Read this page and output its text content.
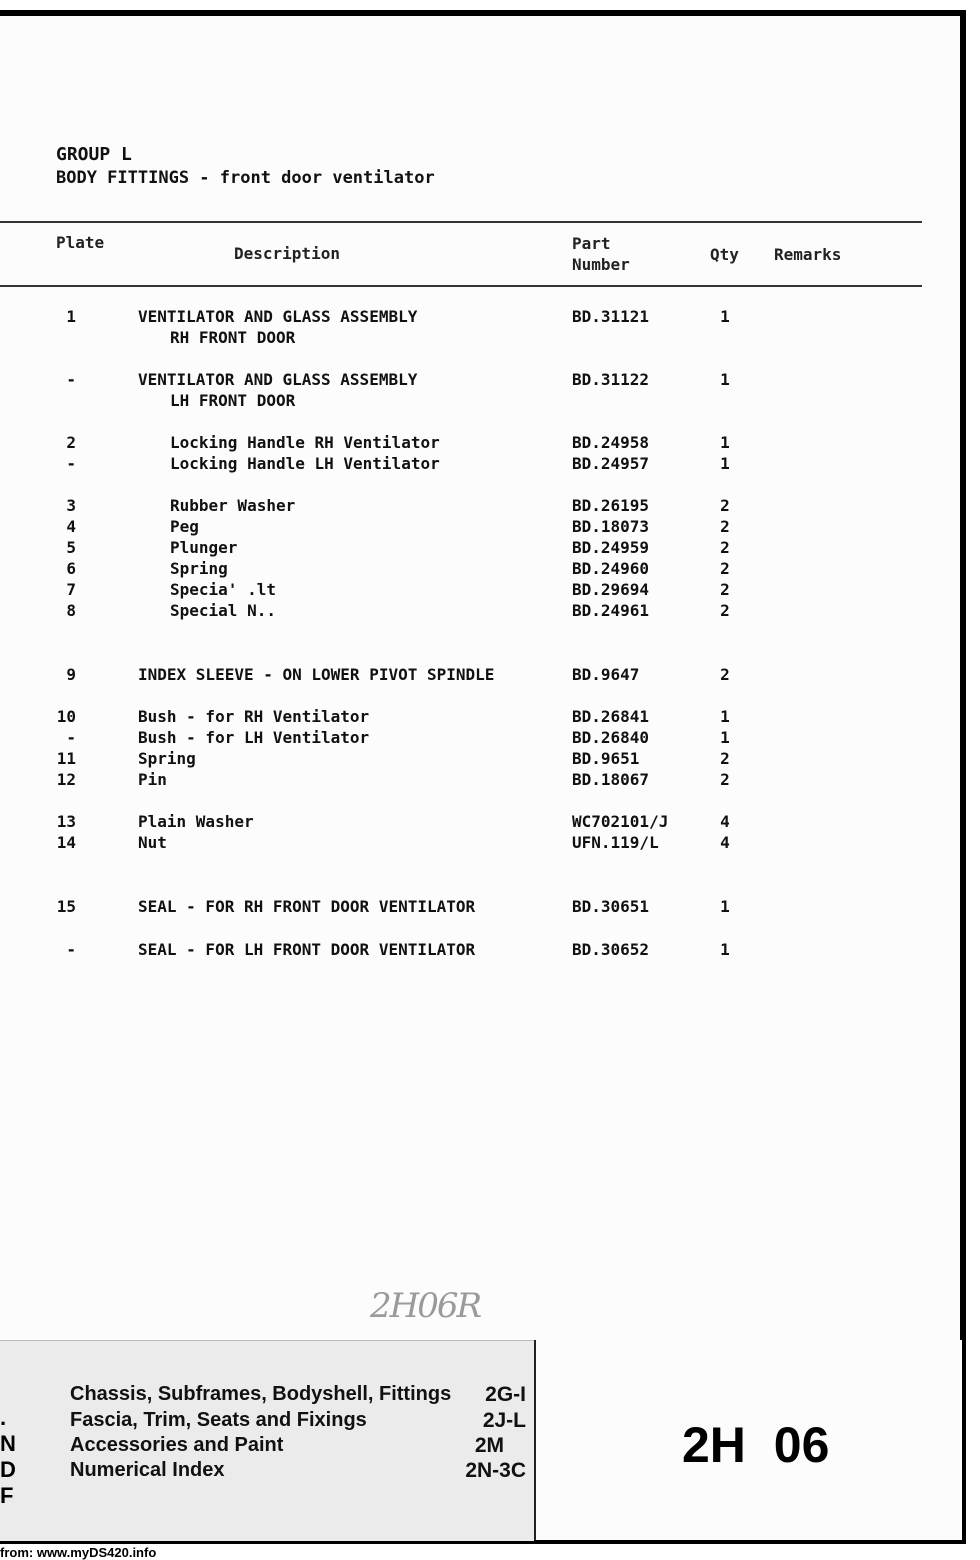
GROUP L
BODY FITTINGS - front door ventilator
Plate
Description
Part
Number
Qty Remarks
1	VENTILATOR AND GLASS ASSEMBLY	BD.31121	1
RH FRONT DOOR
-	VENTILATOR AND GLASS ASSEMBLY	BD.31122	1
LH FRONT DOOR
2	Locking Handle RH Ventilator	BD.24958	1
-	Locking Handle LH Ventilator	BD.24957	1
3	Rubber Washer	BD.26195	2
4	Peg	BD.18073	2
5	Plunger	BD.24959	2
6	Spring	BD.24960	2
7	Specia' .lt	BD.29694	2
8	Special N..	BD.24961	2
9	INDEX SLEEVE - ON LOWER PIVOT SPINDLE	BD.9647	2
10	Bush - for RH Ventilator	BD.26841	1
-	Bush - for LH Ventilator	BD.26840	1
11	Spring	BD.9651	2
12	Pin	BD.18067	2
13	Plain Washer	WC702101/J	4
14	Nut	UFN.119/L	4
15	SEAL - FOR RH FRONT DOOR VENTILATOR	BD.30651	1
-	SEAL - FOR LH FRONT DOOR VENTILATOR	BD.30652	1
2H06R
Chassis, Subframes, Bodyshell, Fittings 2G-I
Fascia, Trim, Seats and Fixings	2J-L
Accessories and Paint	2M
Numerical Index	2N-3C
.
N
D
F
2H 06
from: www.myDS420.info
